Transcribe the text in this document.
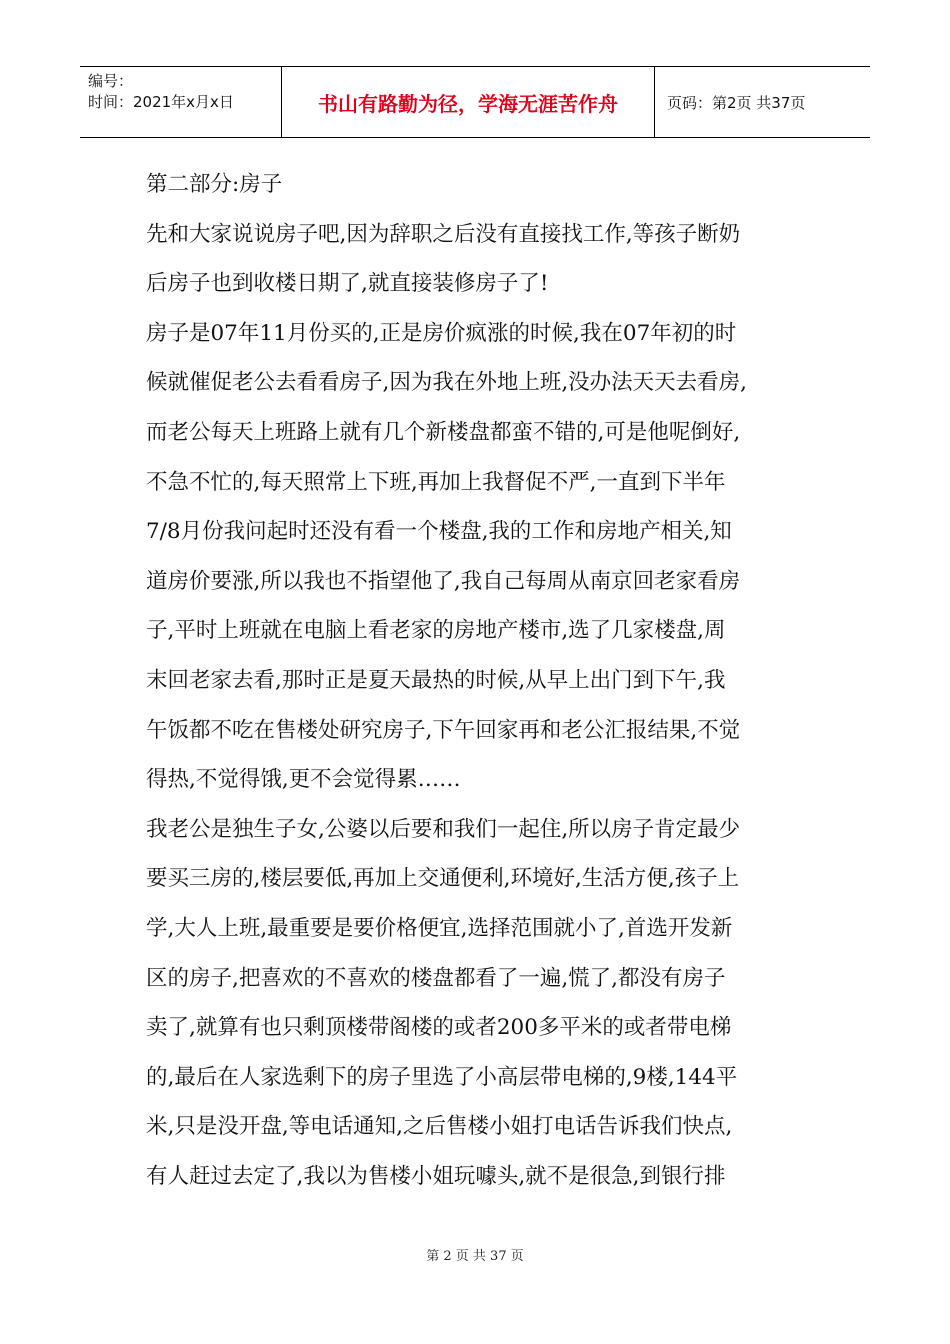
编号：
时间：2021年x月x日	书山有路勤为径，学海无涯苦作舟	页码：第2页 共37页

第二部分:房子

先和大家说说房子吧,因为辞职之后没有直接找工作,等孩子断奶

后房子也到收楼日期了,就直接装修房子了!

房子是07年11月份买的,正是房价疯涨的时候,我在07年初的时

候就催促老公去看看房子,因为我在外地上班,没办法天天去看房,

而老公每天上班路上就有几个新楼盘都蛮不错的,可是他呢倒好,

不急不忙的,每天照常上下班,再加上我督促不严,一直到下半年

7/8月份我问起时还没有看一个楼盘,我的工作和房地产相关,知

道房价要涨,所以我也不指望他了,我自己每周从南京回老家看房

子,平时上班就在电脑上看老家的房地产楼市,选了几家楼盘,周

末回老家去看,那时正是夏天最热的时候,从早上出门到下午,我

午饭都不吃在售楼处研究房子,下午回家再和老公汇报结果,不觉

得热,不觉得饿,更不会觉得累……

我老公是独生子女,公婆以后要和我们一起住,所以房子肯定最少

要买三房的,楼层要低,再加上交通便利,环境好,生活方便,孩子上

学,大人上班,最重要是要价格便宜,选择范围就小了,首选开发新

区的房子,把喜欢的不喜欢的楼盘都看了一遍,慌了,都没有房子

卖了,就算有也只剩顶楼带阁楼的或者200多平米的或者带电梯

的,最后在人家选剩下的房子里选了小高层带电梯的,9楼,144平

米,只是没开盘,等电话通知,之后售楼小姐打电话告诉我们快点,

有人赶过去定了,我以为售楼小姐玩噱头,就不是很急,到银行排

第 2 页 共 37 页
